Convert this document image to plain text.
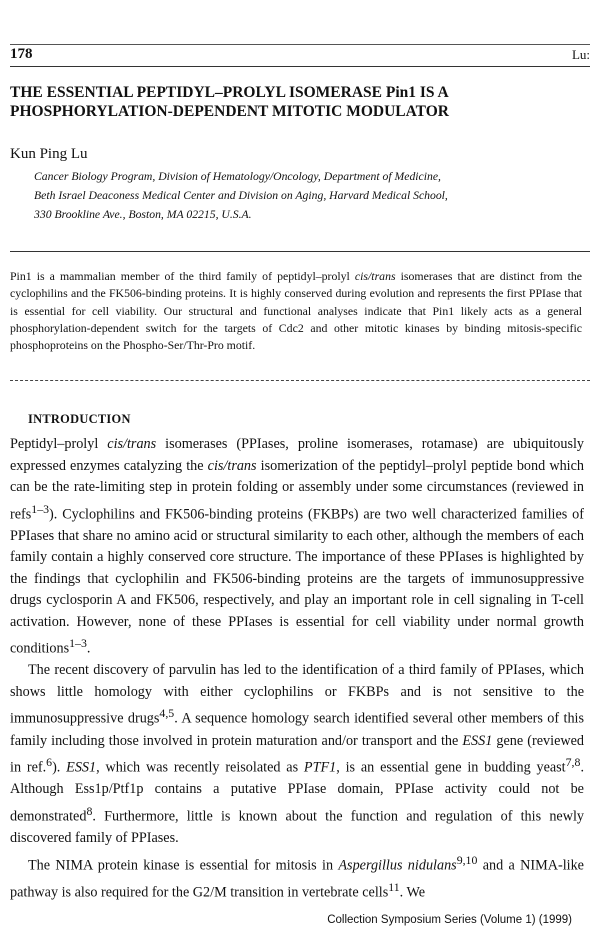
178	Lu:
THE ESSENTIAL PEPTIDYL–PROLYL ISOMERASE Pin1 IS A PHOSPHORYLATION-DEPENDENT MITOTIC MODULATOR

Kun Ping Lu

Cancer Biology Program, Division of Hematology/Oncology, Department of Medicine,
Beth Israel Deaconess Medical Center and Division on Aging, Harvard Medical School,
330 Brookline Ave., Boston, MA 02215, U.S.A.

Pin1 is a mammalian member of the third family of peptidyl–prolyl cis/trans isomerases that are distinct from the cyclophilins and the FK506-binding proteins. It is highly conserved during evolution and represents the first PPIase that is essential for cell viability. Our structural and functional analyses indicate that Pin1 likely acts as a general phosphorylation-dependent switch for the targets of Cdc2 and other mitotic kinases by binding mitosis-specific phosphoproteins on the Phospho-Ser/Thr-Pro motif.

INTRODUCTION

Peptidyl–prolyl cis/trans isomerases (PPIases, proline isomerases, rotamase) are ubiquitously expressed enzymes catalyzing the cis/trans isomerization of the peptidyl–prolyl peptide bond which can be the rate-limiting step in protein folding or assembly under some circumstances (reviewed in refs$^{1-3}$). Cyclophilins and FK506-binding proteins (FKBPs) are two well characterized families of PPIases that share no amino acid or structural similarity to each other, although the members of each family contain a highly conserved core structure. The importance of these PPIases is highlighted by the findings that cyclophilin and FK506-binding proteins are the targets of immunosuppressive drugs cyclosporin A and FK506, respectively, and play an important role in cell signaling in T-cell activation. However, none of these PPIases is essential for cell viability under normal growth conditions$^{1-3}$.

The recent discovery of parvulin has led to the identification of a third family of PPIases, which shows little homology with either cyclophilins or FKBPs and is not sensitive to the immunosuppressive drugs$^{4,5}$. A sequence homology search identified several other members of this family including those involved in protein maturation and/or transport and the ESS1 gene (reviewed in ref.$^6$). ESS1, which was recently reisolated as PTF1, is an essential gene in budding yeast$^{7,8}$. Although Ess1p/Ptf1p contains a putative PPIase domain, PPIase activity could not be demonstrated$^8$. Furthermore, little is known about the function and regulation of this newly discovered family of PPIases.

The NIMA protein kinase is essential for mitosis in Aspergillus nidulans$^{9,10}$ and a NIMA-like pathway is also required for the G2/M transition in vertebrate cells$^{11}$. We

Collection Symposium Series (Volume 1) (1999)
